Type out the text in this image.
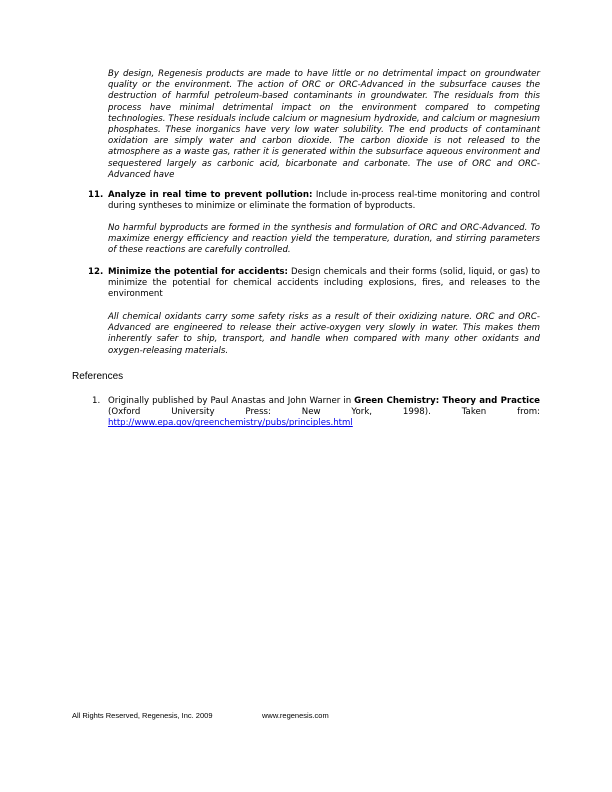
By design, Regenesis products are made to have little or no detrimental impact on groundwater quality or the environment. The action of ORC or ORC-Advanced in the subsurface causes the destruction of harmful petroleum-based contaminants in groundwater. The residuals from this process have minimal detrimental impact on the environment compared to competing technologies. These residuals include calcium or magnesium hydroxide, and calcium or magnesium phosphates. These inorganics have very low water solubility. The end products of contaminant oxidation are simply water and carbon dioxide. The carbon dioxide is not released to the atmosphere as a waste gas, rather it is generated within the subsurface aqueous environment and sequestered largely as carbonic acid, bicarbonate and carbonate. The use of ORC and ORC-Advanced have

11. Analyze in real time to prevent pollution: Include in-process real-time monitoring and control during syntheses to minimize or eliminate the formation of byproducts.

No harmful byproducts are formed in the synthesis and formulation of ORC and ORC-Advanced. To maximize energy efficiency and reaction yield the temperature, duration, and stirring parameters of these reactions are carefully controlled.

12. Minimize the potential for accidents: Design chemicals and their forms (solid, liquid, or gas) to minimize the potential for chemical accidents including explosions, fires, and releases to the environment

All chemical oxidants carry some safety risks as a result of their oxidizing nature. ORC and ORC-Advanced are engineered to release their active-oxygen very slowly in water. This makes them inherently safer to ship, transport, and handle when compared with many other oxidants and oxygen-releasing materials.

References
1. Originally published by Paul Anastas and John Warner in Green Chemistry: Theory and Practice (Oxford University Press: New York, 1998). Taken from: http://www.epa.gov/greenchemistry/pubs/principles.html
All Rights Reserved, Regenesis, Inc. 2009	www.regenesis.com
